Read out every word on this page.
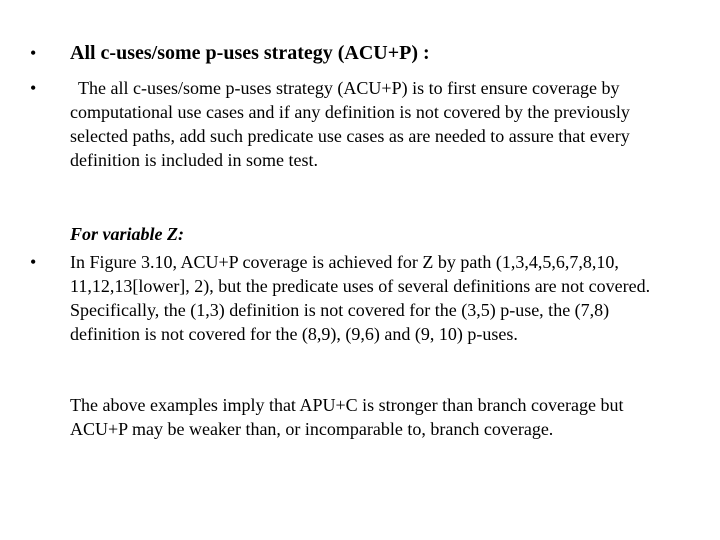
• All c-uses/some p-uses strategy (ACU+P) :
•	The all c-uses/some p-uses strategy (ACU+P) is to first ensure coverage by computational use cases and if any definition is not covered by the previously selected paths, add such predicate use cases as are needed to assure that every definition is included in some test.
For variable Z:
• In Figure 3.10, ACU+P coverage is achieved for Z by path (1,3,4,5,6,7,8,10, 11,12,13[lower], 2), but the predicate uses of several definitions are not covered. Specifically, the (1,3) definition is not covered for the (3,5) p-use, the (7,8) definition is not covered for the (8,9), (9,6) and (9, 10) p-uses.
The above examples imply that APU+C is stronger than branch coverage but ACU+P may be weaker than, or incomparable to, branch coverage.
